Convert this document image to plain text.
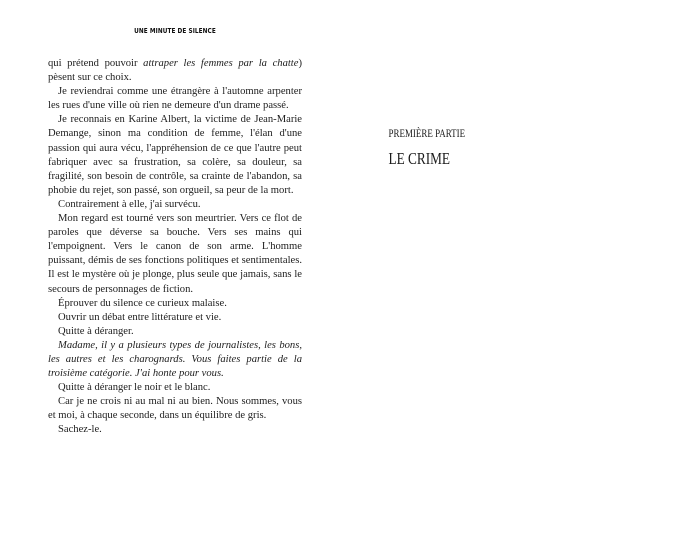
UNE MINUTE DE SILENCE

qui prétend pouvoir attraper les femmes par la chatte) pèsent sur ce choix.

Je reviendrai comme une étrangère à l'automne arpenter les rues d'une ville où rien ne demeure d'un drame passé.

Je reconnais en Karine Albert, la victime de Jean-Marie Demange, sinon ma condition de femme, l'élan d'une passion qui aura vécu, l'appréhension de ce que l'autre peut fabriquer avec sa frustration, sa colère, sa douleur, sa fragilité, son besoin de contrôle, sa crainte de l'abandon, sa phobie du rejet, son passé, son orgueil, sa peur de la mort.

Contrairement à elle, j'ai survécu.

Mon regard est tourné vers son meurtrier. Vers ce flot de paroles que déverse sa bouche. Vers ses mains qui l'empoignent. Vers le canon de son arme. L'homme puissant, démis de ses fonctions politiques et sentimentales. Il est le mystère où je plonge, plus seule que jamais, sans le secours de personnages de fiction.

Éprouver du silence ce curieux malaise.

Ouvrir un débat entre littérature et vie.

Quitte à déranger.

Madame, il y a plusieurs types de journalistes, les bons, les autres et les charognards. Vous faites partie de la troisième catégorie. J'ai honte pour vous.

Quitte à déranger le noir et le blanc.

Car je ne crois ni au mal ni au bien. Nous sommes, vous et moi, à chaque seconde, dans un équilibre de gris.

Sachez-le.

PREMIÈRE PARTIE
LE CRIME
